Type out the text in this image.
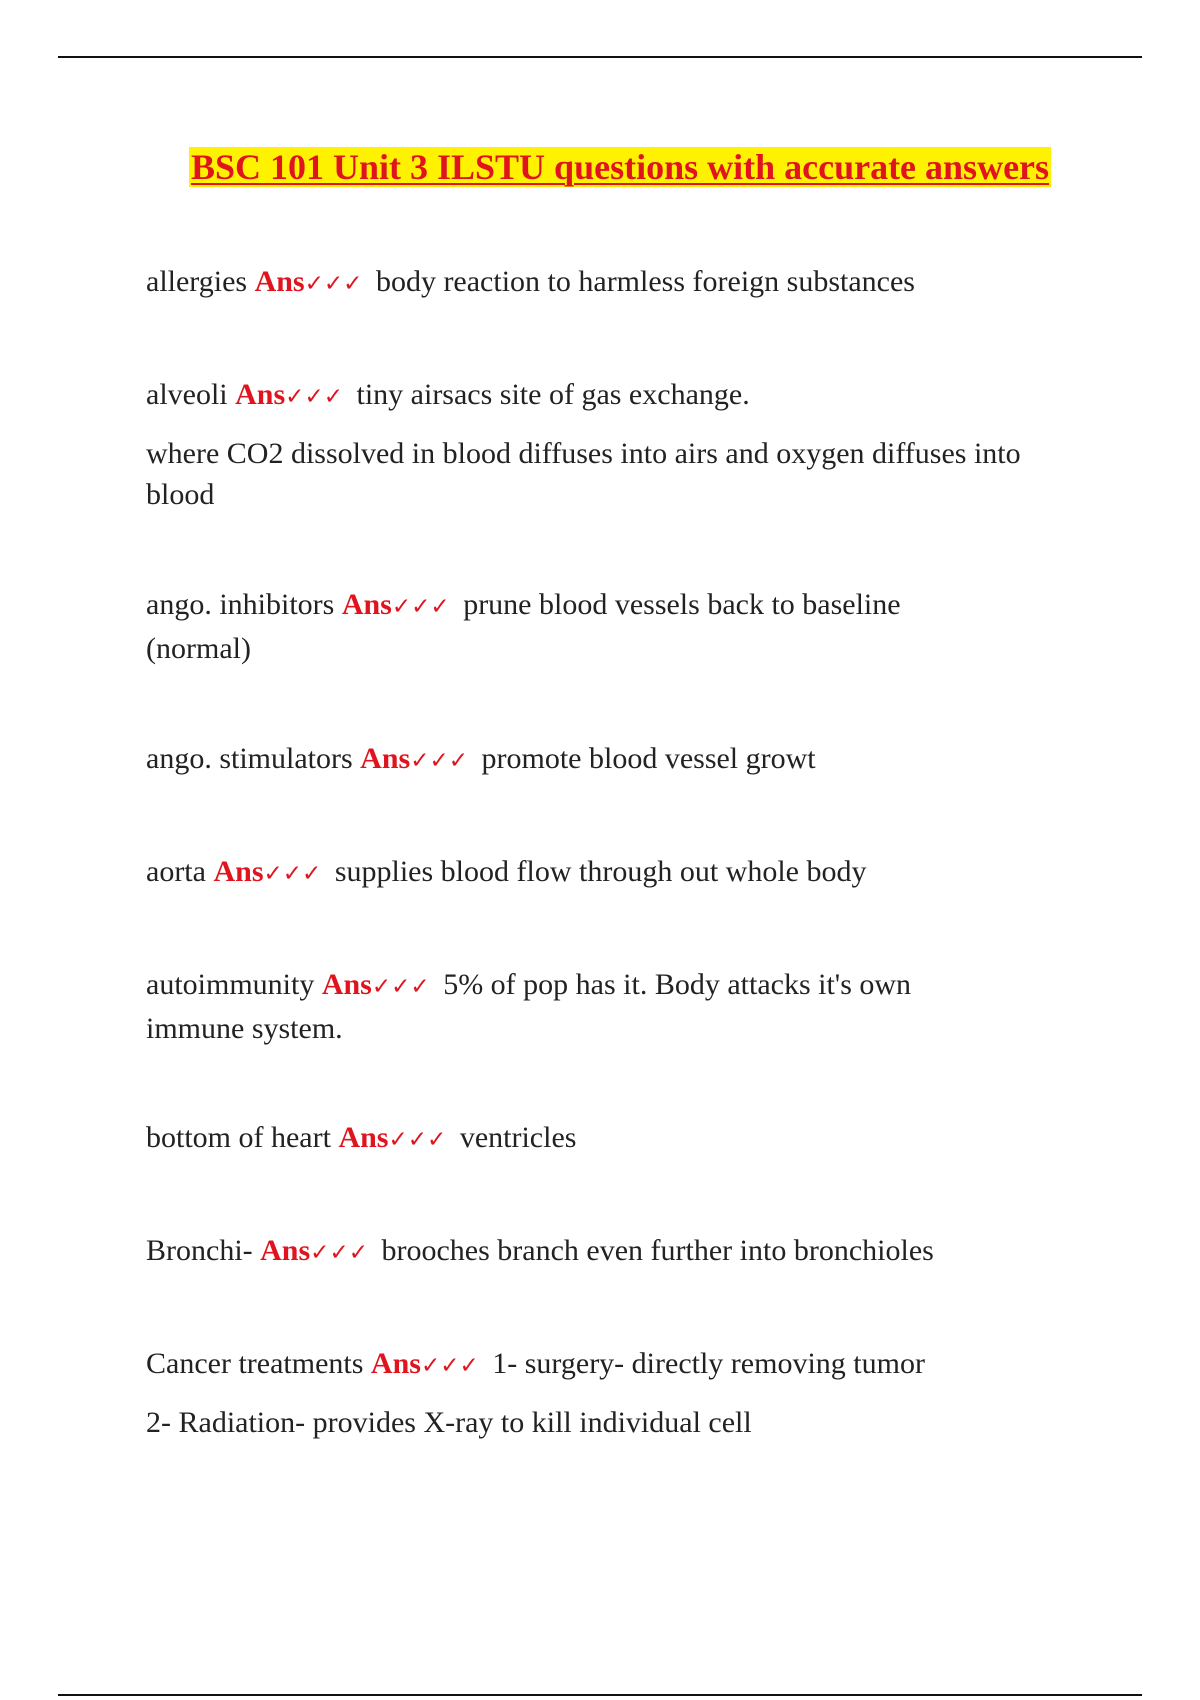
BSC 101 Unit 3 ILSTU questions with accurate answers

allergies Ans✓✓✓ body reaction to harmless foreign substances

alveoli Ans✓✓✓ tiny airsacs site of gas exchange.

where CO2 dissolved in blood diffuses into airs and oxygen diffuses into blood

ango. inhibitors Ans✓✓✓ prune blood vessels back to baseline (normal)

ango. stimulators Ans✓✓✓ promote blood vessel growt

aorta Ans✓✓✓ supplies blood flow through out whole body

autoimmunity Ans✓✓✓ 5% of pop has it. Body attacks it's own immune system.

bottom of heart Ans✓✓✓ ventricles

Bronchi- Ans✓✓✓ brooches branch even further into bronchioles

Cancer treatments Ans✓✓✓ 1- surgery- directly removing tumor

2- Radiation- provides X-ray to kill individual cell
